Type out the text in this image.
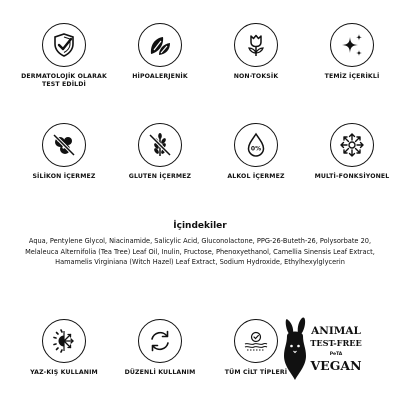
DERMATOLOJİK OLARAK
TEST EDİLDİ
HİPOALERJENİK	NON-TOKSİK	TEMİZ İÇERİKLİ
SİLİKON İÇERMEZ	GLUTEN İÇERMEZ
0%
ALKOL İÇERMEZ	MULTİ-FONKSİYONEL
İçindekiler
Aqua, Pentylene Glycol, Niacinamide, Salicylic Acid, Gluconolactone, PPG-26-Buteth-26, Polysorbate 20, Melaleuca Alternifolia (Tea Tree) Leaf Oil, Inulin, Fructose, Phenoxyethanol, Camellia Sinensis Leaf Extract, Hamamelis Virginiana (Witch Hazel) Leaf Extract, Sodium Hydroxide, Ethylhexylglycerin
YAZ-KIŞ KULLANIM	DÜZENLİ KULLANIM	TÜM CİLT TİPLERİ
ANIMAL
TEST-FREE
PeTA
VEGAN
